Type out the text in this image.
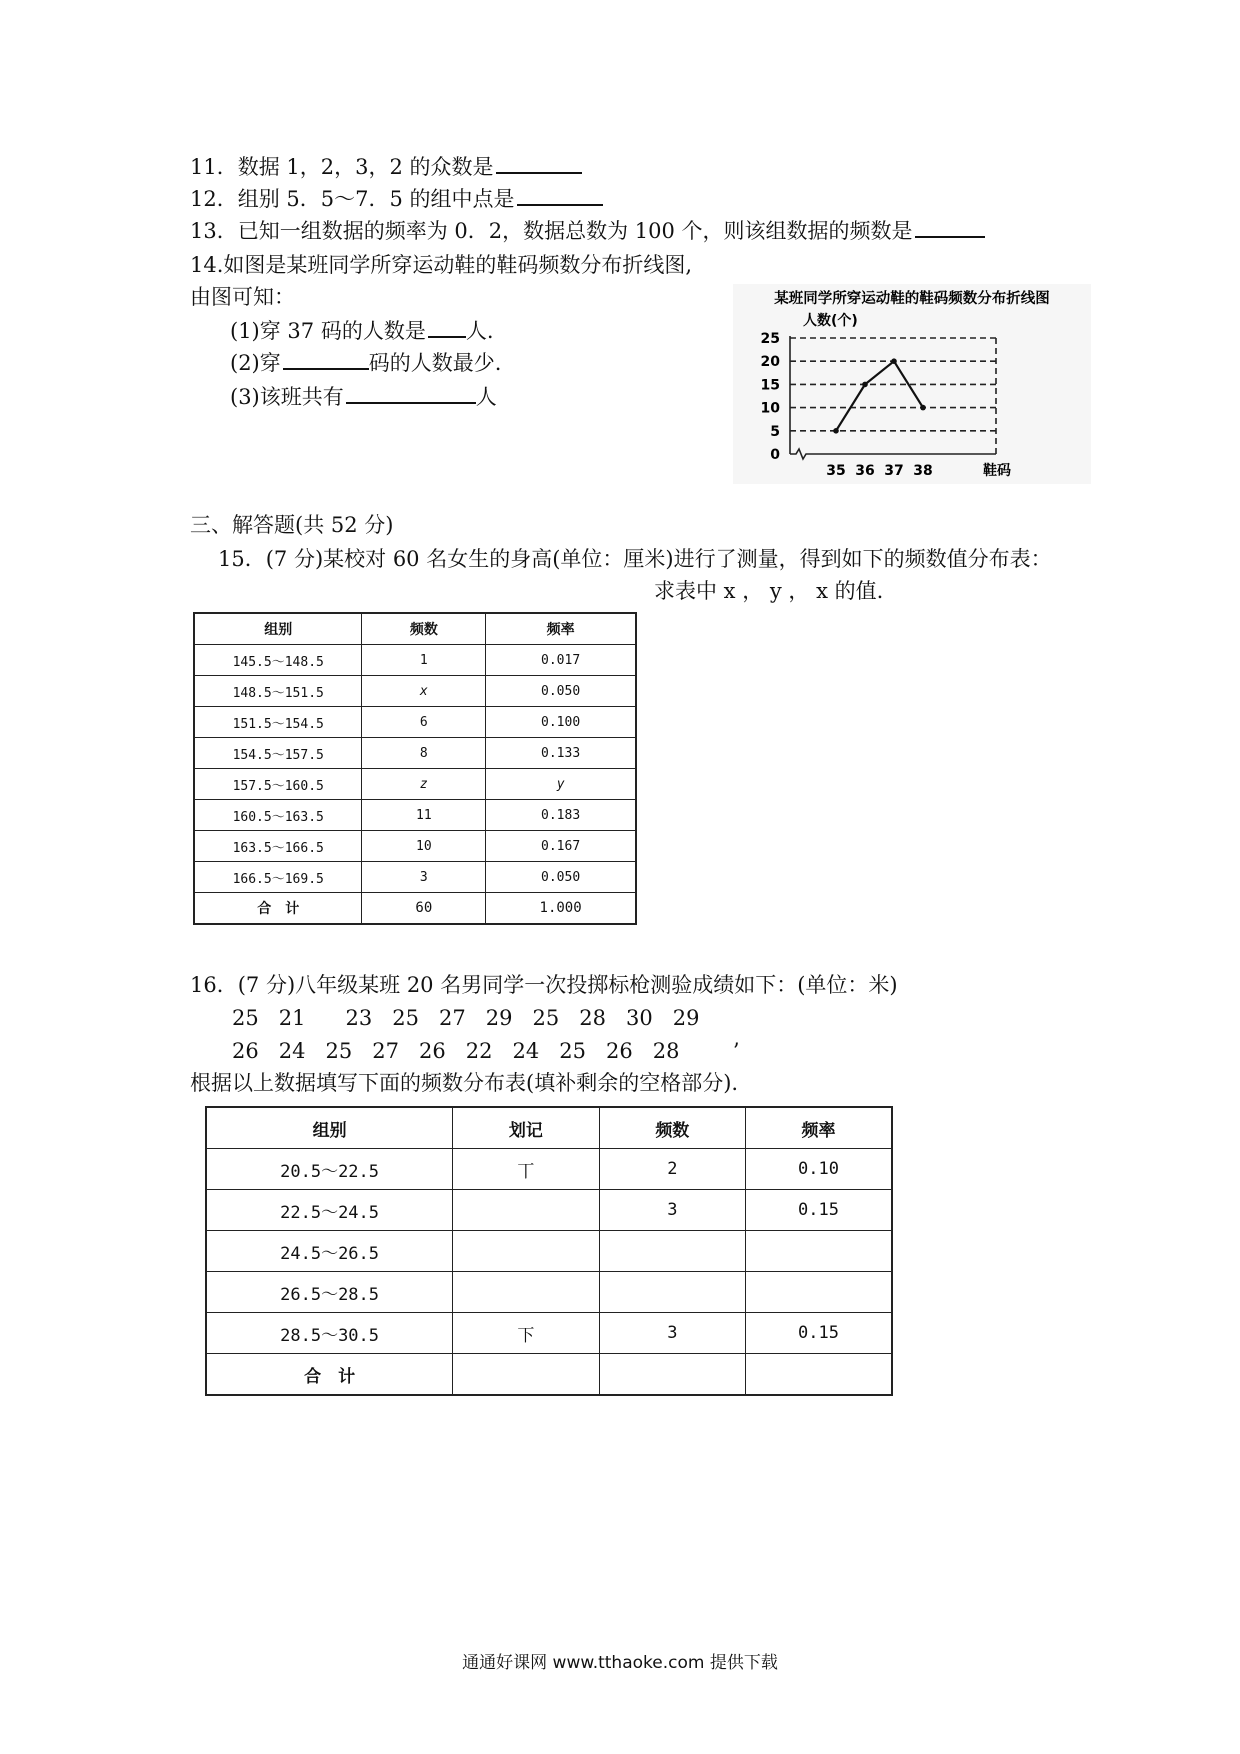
11．数据 1，2，3，2 的众数是
12．组别 5．5～7．5 的组中点是
13．已知一组数据的频率为 0．2，数据总数为 100 个，则该组数据的频数是
14.如图是某班同学所穿运动鞋的鞋码频数分布折线图,
由图可知：
(1)穿 37 码的人数是 人.
(2)穿	码的人数最少.
(3)该班共有	人
某班同学所穿运动鞋的鞋码频数分布折线图
人数(个)
鞋码
0
5
10
15
20
25
35 36 37 38
三、解答题(共 52 分)
15．(7 分)某校对 60 名女生的身高(单位：厘米)进行了测量，得到如下的频数值分布表：
求表中 x ， y ， x 的值.
组别	频数	频率
145.5～148.5	1	0.017
148.5～151.5	x	0.050
151.5～154.5	6	0.100
154.5～157.5	8	0.133
157.5～160.5	z	y
160.5～163.5	11	0.183
163.5～166.5	10	0.167
166.5～169.5	3	0.050
合　计	60	1.000
16．(7 分)八年级某班 20 名男同学一次投掷标枪测验成绩如下：(单位：米)
25   21      23   25   27   29   25   28   30   29
26   24   25   27   26   22   24   25   26   28        ’
根据以上数据填写下面的频数分布表(填补剩余的空格部分).
组别	划记	频数	频率
20.5～22.5	丅	2	0.10
22.5～24.5		3	0.15
24.5～26.5			
26.5～28.5			
28.5～30.5	下	3	0.15
合　计			
通通好课网 www.tthaoke.com 提供下载
